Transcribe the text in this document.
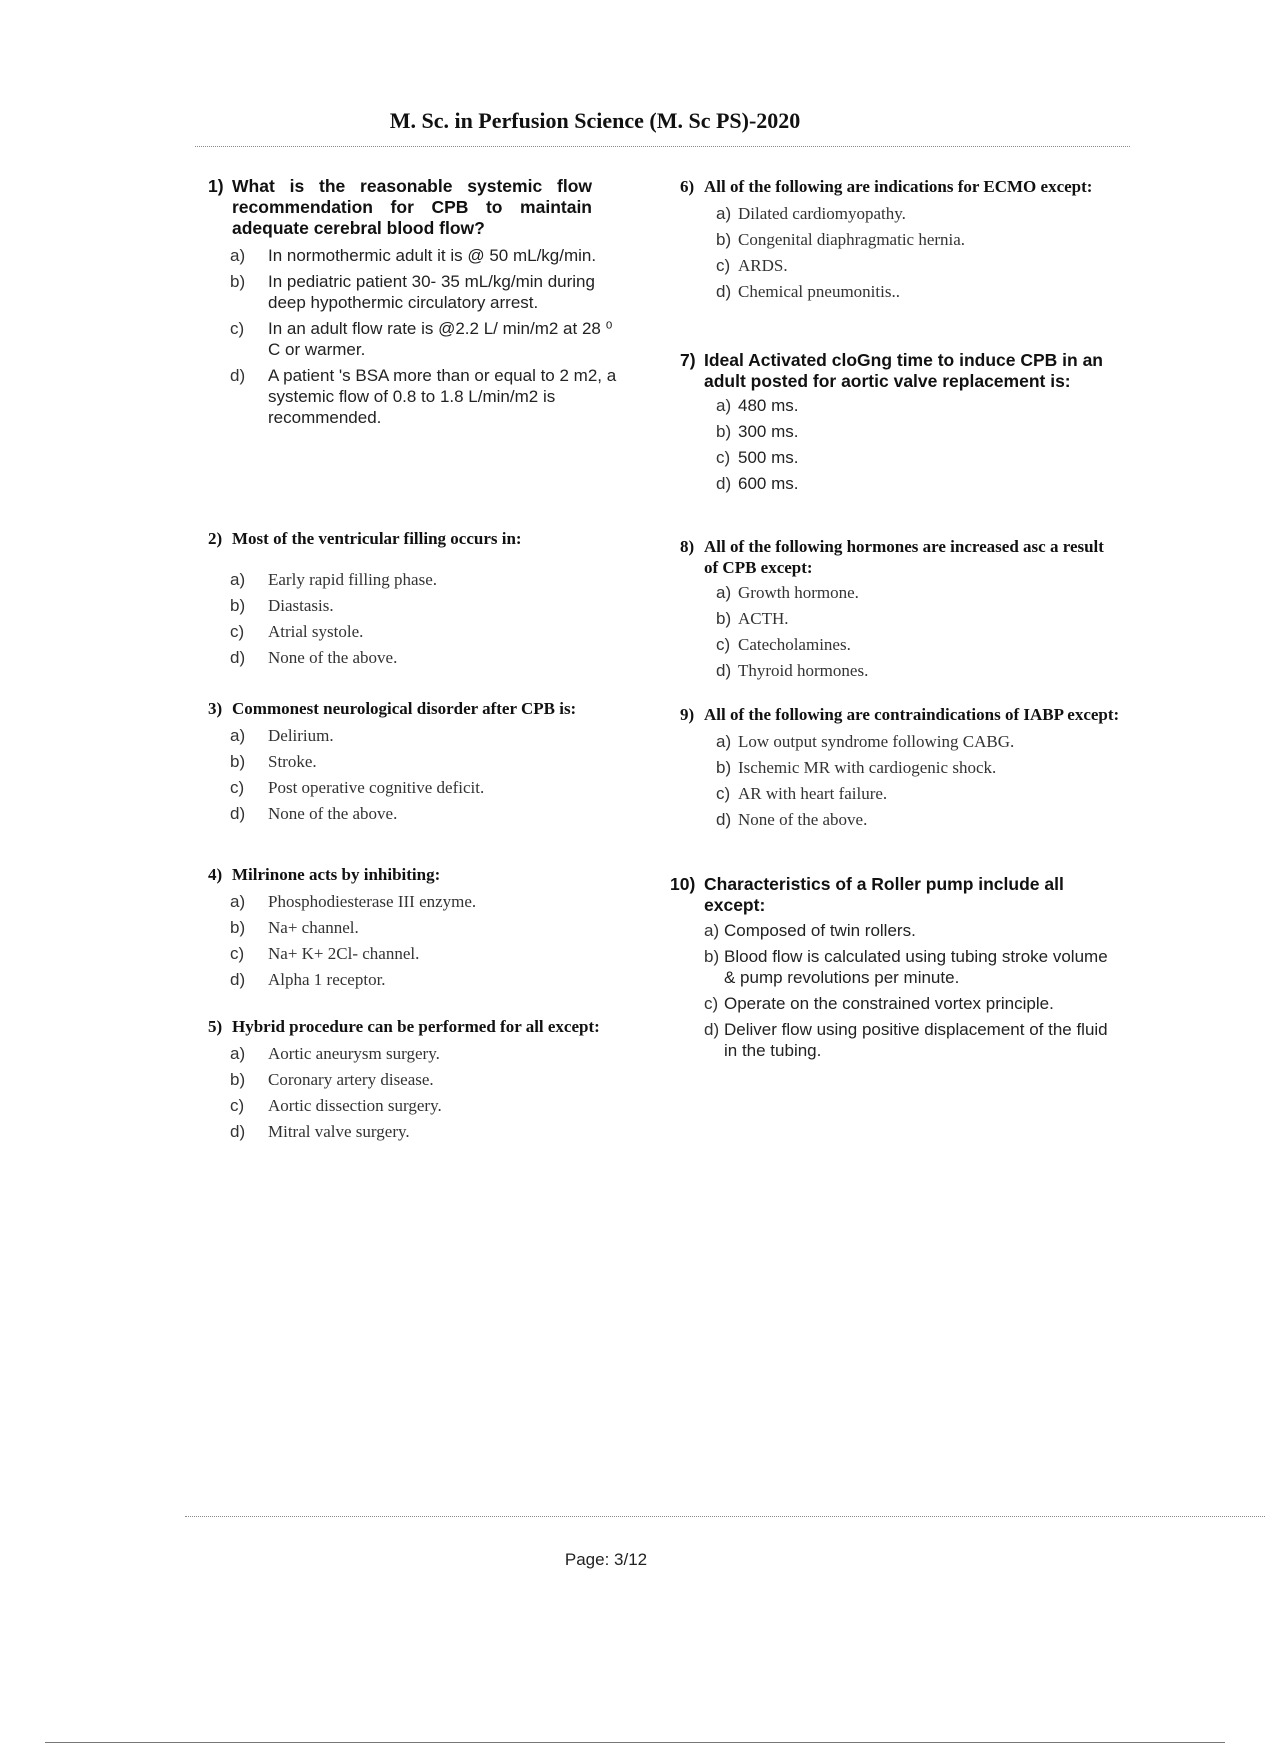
M. Sc. in Perfusion Science (M. Sc PS)-2020
1) What is the reasonable systemic flow recommendation for CPB to maintain adequate cerebral blood flow?
a) In normothermic adult it is @ 50 mL/kg/min.
b) In pediatric patient 30- 35 mL/kg/min during deep hypothermic circulatory arrest.
c) In an adult flow rate is @2.2 L/ min/m2 at 28 ⁰ C or warmer.
d) A patient 's BSA more than or equal to 2 m2, a systemic flow of 0.8 to 1.8 L/min/m2 is recommended.
2) Most of the ventricular filling occurs in:
a) Early rapid filling phase.
b) Diastasis.
c) Atrial systole.
d) None of the above.
3) Commonest neurological disorder after CPB is:
a) Delirium.
b) Stroke.
c) Post operative cognitive deficit.
d) None of the above.
4) Milrinone acts by inhibiting:
a) Phosphodiesterase III enzyme.
b) Na+ channel.
c) Na+ K+ 2Cl- channel.
d) Alpha 1 receptor.
5) Hybrid procedure can be performed for all except:
a) Aortic aneurysm surgery.
b) Coronary artery disease.
c) Aortic dissection surgery.
d) Mitral valve surgery.
6) All of the following are indications for ECMO except:
a) Dilated cardiomyopathy.
b) Congenital diaphragmatic hernia.
c) ARDS.
d) Chemical pneumonitis..
7) Ideal Activated cloGng time to induce CPB in an adult posted for aortic valve replacement is:
a) 480 ms.
b) 300 ms.
c) 500 ms.
d) 600 ms.
8) All of the following hormones are increased asc a result of CPB except:
a) Growth hormone.
b) ACTH.
c) Catecholamines.
d) Thyroid hormones.
9) All of the following are contraindications of IABP except:
a) Low output syndrome following CABG.
b) Ischemic MR with cardiogenic shock.
c) AR with heart failure.
d) None of the above.
10) Characteristics of a Roller pump include all except:
a) Composed of twin rollers.
b) Blood flow is calculated using tubing stroke volume & pump revolutions per minute.
c) Operate on the constrained vortex principle.
d) Deliver flow using positive displacement of the fluid in the tubing.
Page: 3/12
